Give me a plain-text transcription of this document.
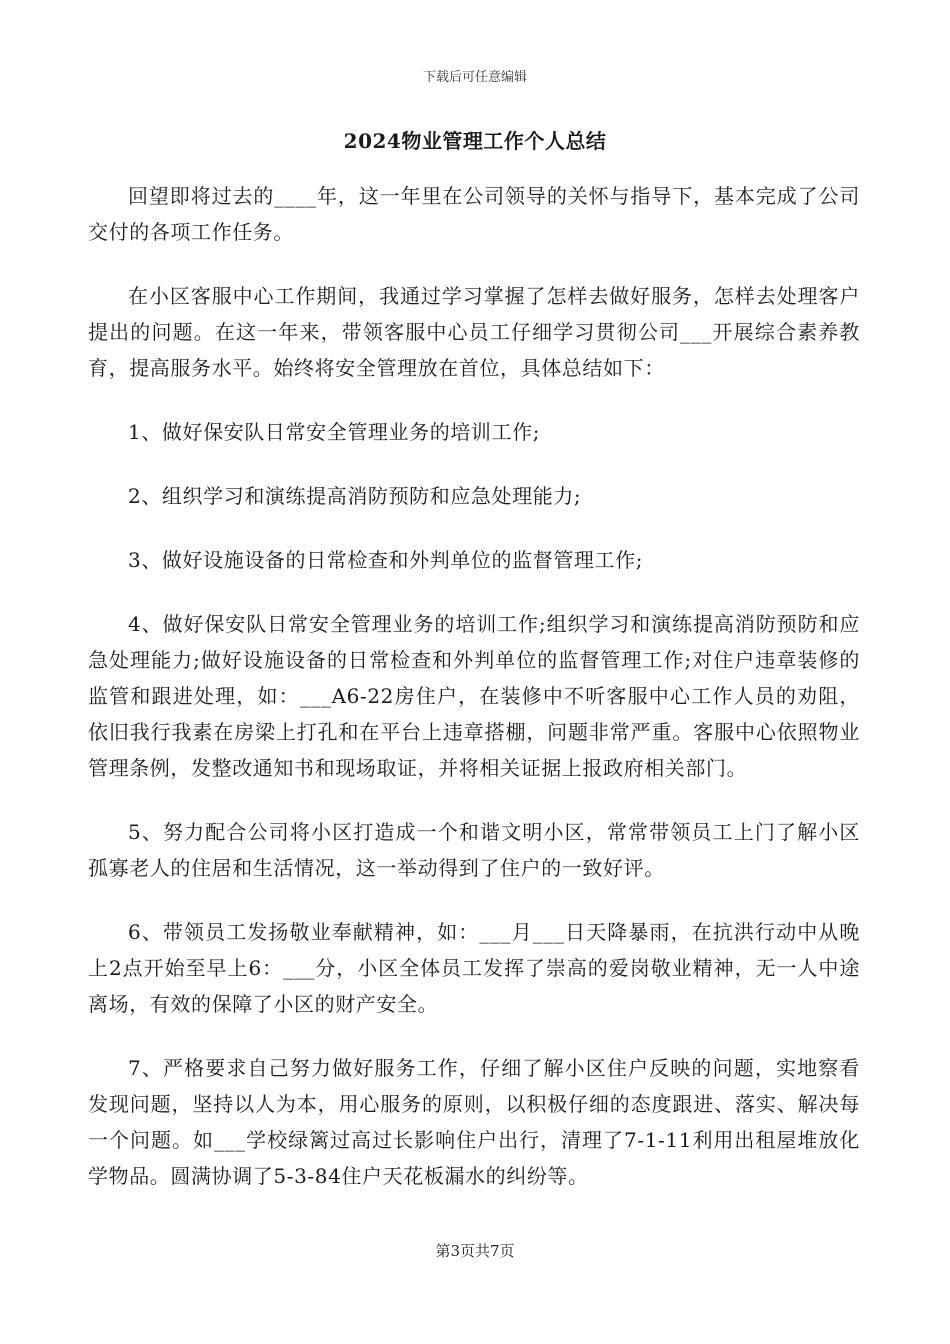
下载后可任意编辑
2024物业管理工作个人总结

回望即将过去的____年，这一年里在公司领导的关怀与指导下，基本完成了公司交付的各项工作任务。

在小区客服中心工作期间，我通过学习掌握了怎样去做好服务，怎样去处理客户提出的问题。在这一年来，带领客服中心员工仔细学习贯彻公司___开展综合素养教育，提高服务水平。始终将安全管理放在首位，具体总结如下：

1、做好保安队日常安全管理业务的培训工作;

2、组织学习和演练提高消防预防和应急处理能力;

3、做好设施设备的日常检查和外判单位的监督管理工作;

4、做好保安队日常安全管理业务的培训工作;组织学习和演练提高消防预防和应急处理能力;做好设施设备的日常检查和外判单位的监督管理工作;对住户违章装修的监管和跟进处理，如：___A6-22房住户，在装修中不听客服中心工作人员的劝阻，依旧我行我素在房梁上打孔和在平台上违章搭棚，问题非常严重。客服中心依照物业管理条例，发整改通知书和现场取证，并将相关证据上报政府相关部门。

5、努力配合公司将小区打造成一个和谐文明小区，常常带领员工上门了解小区孤寡老人的住居和生活情况，这一举动得到了住户的一致好评。

6、带领员工发扬敬业奉献精神，如：___月___日天降暴雨，在抗洪行动中从晚上2点开始至早上6：___分，小区全体员工发挥了崇高的爱岗敬业精神，无一人中途离场，有效的保障了小区的财产安全。

7、严格要求自己努力做好服务工作，仔细了解小区住户反映的问题，实地察看发现问题，坚持以人为本，用心服务的原则，以积极仔细的态度跟进、落实、解决每一个问题。如___学校绿篱过高过长影响住户出行，清理了7-1-11利用出租屋堆放化学物品。圆满协调了5-3-84住户天花板漏水的纠纷等。

第3页共7页
